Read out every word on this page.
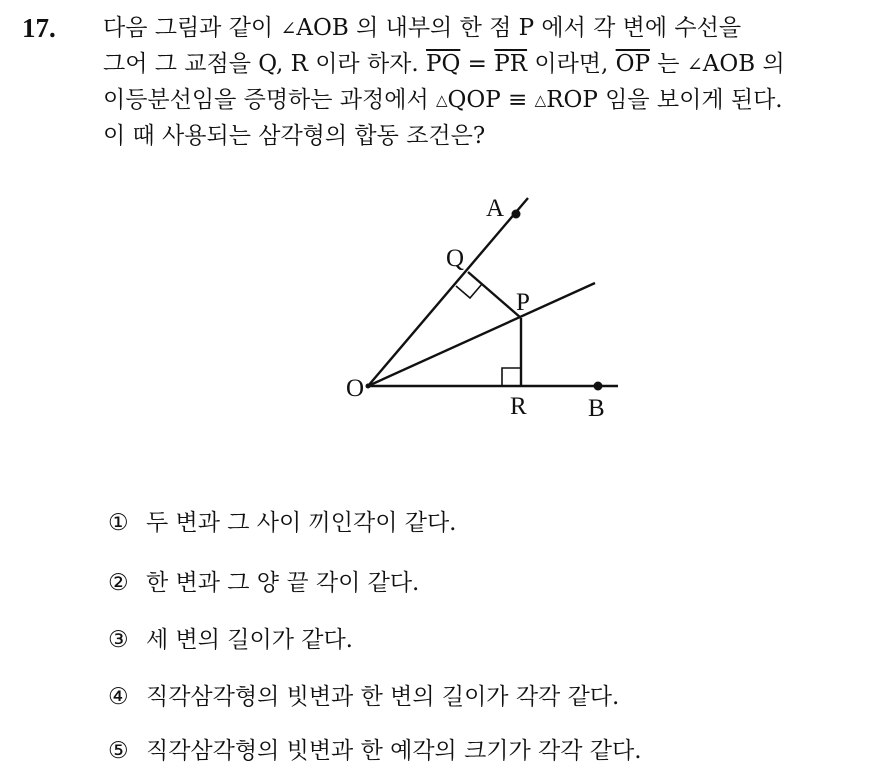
17. 다음 그림과 같이 ∠AOB 의 내부의 한 점 P 에서 각 변에 수선을
그어 그 교점을 Q, R 이라 하자. $\overline{PQ} = \overline{PR}$ 이라면, $\overline{OP}$ 는 ∠AOB 의
이등분선임을 증명하는 과정에서 △QOP ≡ △ROP 임을 보이게 된다.
이 때 사용되는 삼각형의 합동 조건은?
A
O
B
P
Q
R
① 두 변과 그 사이 끼인각이 같다.
② 한 변과 그 양 끝 각이 같다.
③ 세 변의 길이가 같다.
④ 직각삼각형의 빗변과 한 변의 길이가 각각 같다.
⑤ 직각삼각형의 빗변과 한 예각의 크기가 각각 같다.
